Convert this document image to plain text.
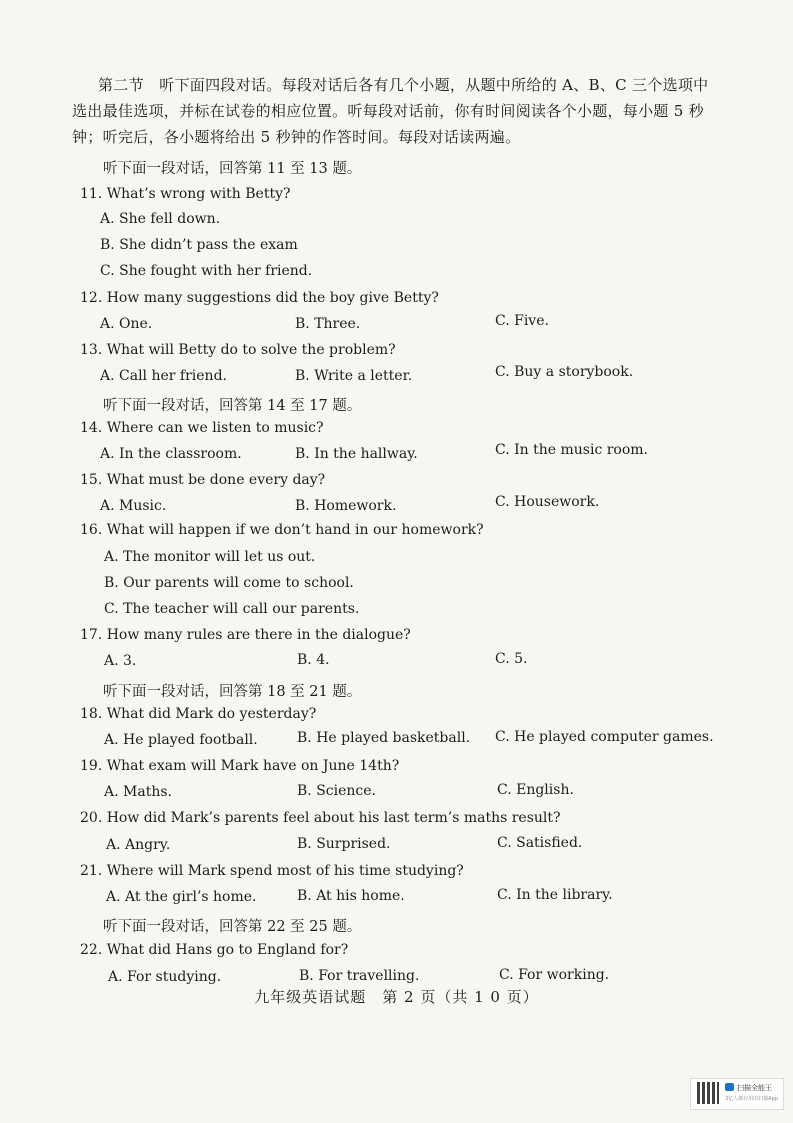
第二节　听下面四段对话。每段对话后各有几个小题，从题中所给的 A、B、C 三个选项中选出最佳选项，并标在试卷的相应位置。听每段对话前，你有时间阅读各个小题，每小题 5 秒钟；听完后，各小题将给出 5 秒钟的作答时间。每段对话读两遍。
听下面一段对话，回答第 11 至 13 题。
11. What’s wrong with Betty?
A. She fell down.
B. She didn’t pass the exam
C. She fought with her friend.
12. How many suggestions did the boy give Betty?
A. One.	B. Three.	C. Five.
13. What will Betty do to solve the problem?
A. Call her friend.	B. Write a letter.	C. Buy a storybook.
听下面一段对话，回答第 14 至 17 题。
14. Where can we listen to music?
A. In the classroom.	B. In the hallway.	C. In the music room.
15. What must be done every day?
A. Music.	B. Homework.	C. Housework.
16. What will happen if we don’t hand in our homework?
A. The monitor will let us out.
B. Our parents will come to school.
C. The teacher will call our parents.
17. How many rules are there in the dialogue?
A. 3.	B. 4.	C. 5.
听下面一段对话，回答第 18 至 21 题。
18. What did Mark do yesterday?
A. He played football.	B. He played basketball. C. He played computer games.
19. What exam will Mark have on June 14th?
A. Maths.	B. Science.	C. English.
20. How did Mark’s parents feel about his last term’s maths result?
A. Angry.	B. Surprised.	C. Satisfied.
21. Where will Mark spend most of his time studying?
A. At the girl’s home.	B. At his home.	C. In the library.
听下面一段对话，回答第 22 至 25 题。
22. What did Hans go to England for?
A. For studying.	B. For travelling.	C. For working.
九年级英语试题　第 2 页（共 1 0 页）
扫描全能王
3亿人都在用的扫描App
